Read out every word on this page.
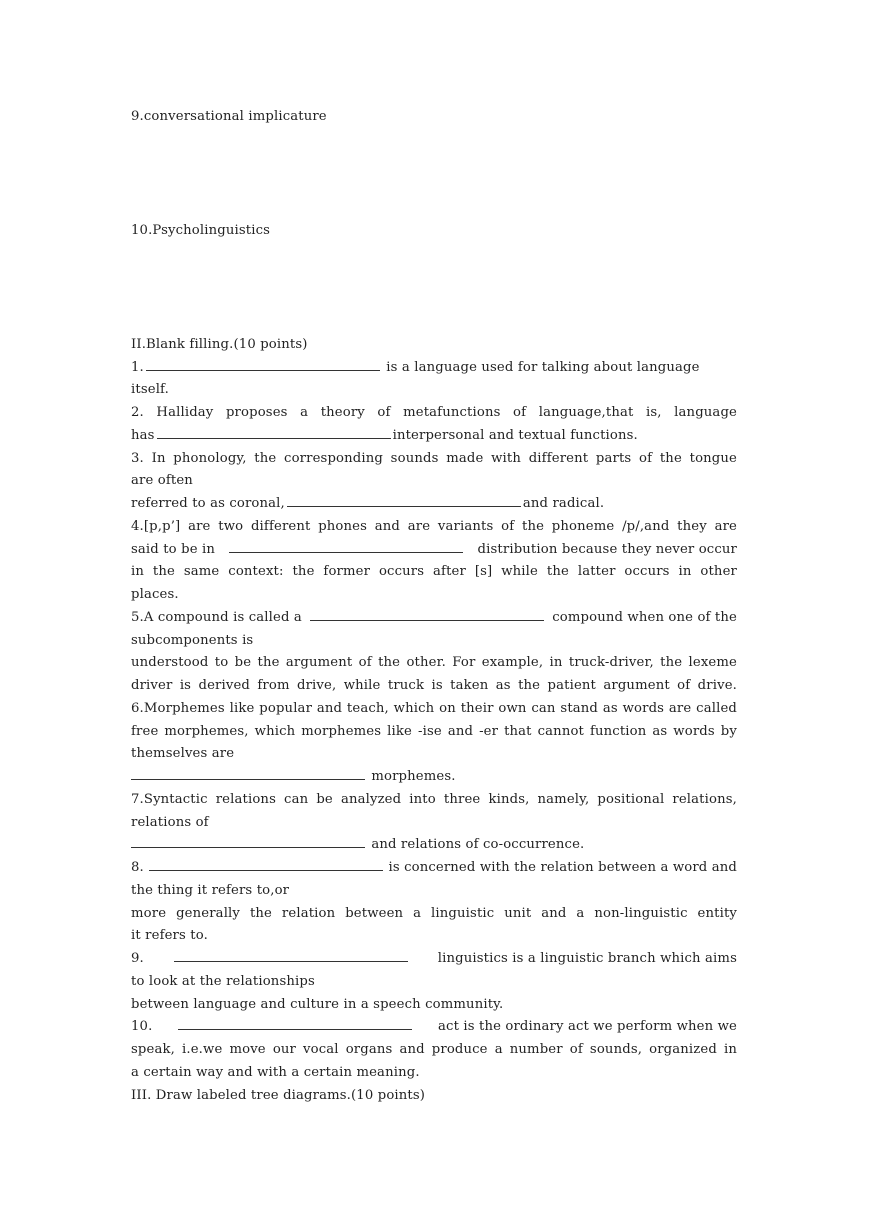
9.conversational implicature
10.Psycholinguistics
II.Blank filling.(10 points)
1.	is a language used for talking about language
itself.
2. Halliday proposes a theory of metafunctions of language,that is, language
has	interpersonal and textual functions.
3. In phonology, the corresponding sounds made with different parts of the tongue
are often
referred to as coronal,	and radical.
4.[p,p’] are two different phones and are variants of the phoneme /p/,and they are
said to be in	distribution because they never occur
in the same context: the former occurs after [s] while the latter occurs in other
places.
5.A compound is called a	compound when one of the
subcomponents is
understood to be the argument of the other. For example, in truck-driver, the lexeme
driver is derived from drive, while truck is taken as the patient argument of drive.
6.Morphemes like popular and teach, which on their own can stand as words are called
free morphemes, which morphemes like -ise and -er that cannot function as words by
themselves are
morphemes.
7.Syntactic relations can be analyzed into three kinds, namely, positional relations,
relations of
and relations of co-occurrence.
8.	is concerned with the relation between a word and
the thing it refers to,or
more generally the relation between a linguistic unit and a non-linguistic entity
it refers to.
9.	linguistics is a linguistic branch which aims
to look at the relationships
between language and culture in a speech community.
10.	act is the ordinary act we perform when we
speak, i.e.we move our vocal organs and produce a number of sounds, organized in
a certain way and with a certain meaning.
III. Draw labeled tree diagrams.(10 points)
